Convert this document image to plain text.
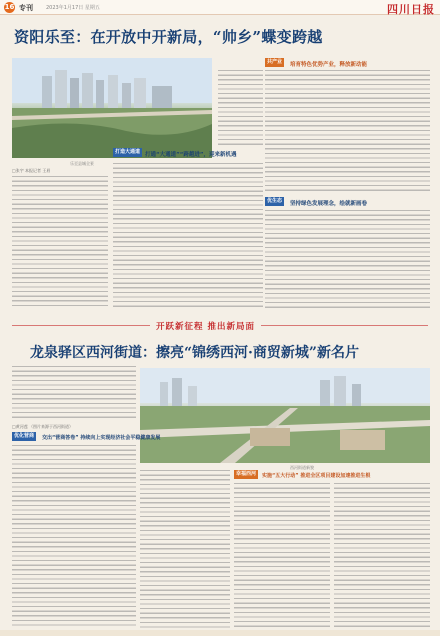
16 专刊	2023年1月17日 星期五	四川日报
资阳乐至：在开放中开新局，“帅乡”蝶变跨越
乐至县城全景
□张宇 本报记者 王眉
打造大通道 打通“大通道”“跨越进”，迎来新机遇
共产业	培育特色优势产业，释放新动能
优生态	坚持绿色发展理念，绘就新画卷
开跃新征程 推出新局面
龙泉驿区西河街道：擦亮“锦绣西河·商贸新城”新名片
□黄河莲 （图片来源于西河街道）
西河街道新貌
优化营商	交出“营商答卷” 持续向上实现经济社会平稳健康发展
幸福西河	实施“五大行动” 推进全区项目建设加速推进生根
